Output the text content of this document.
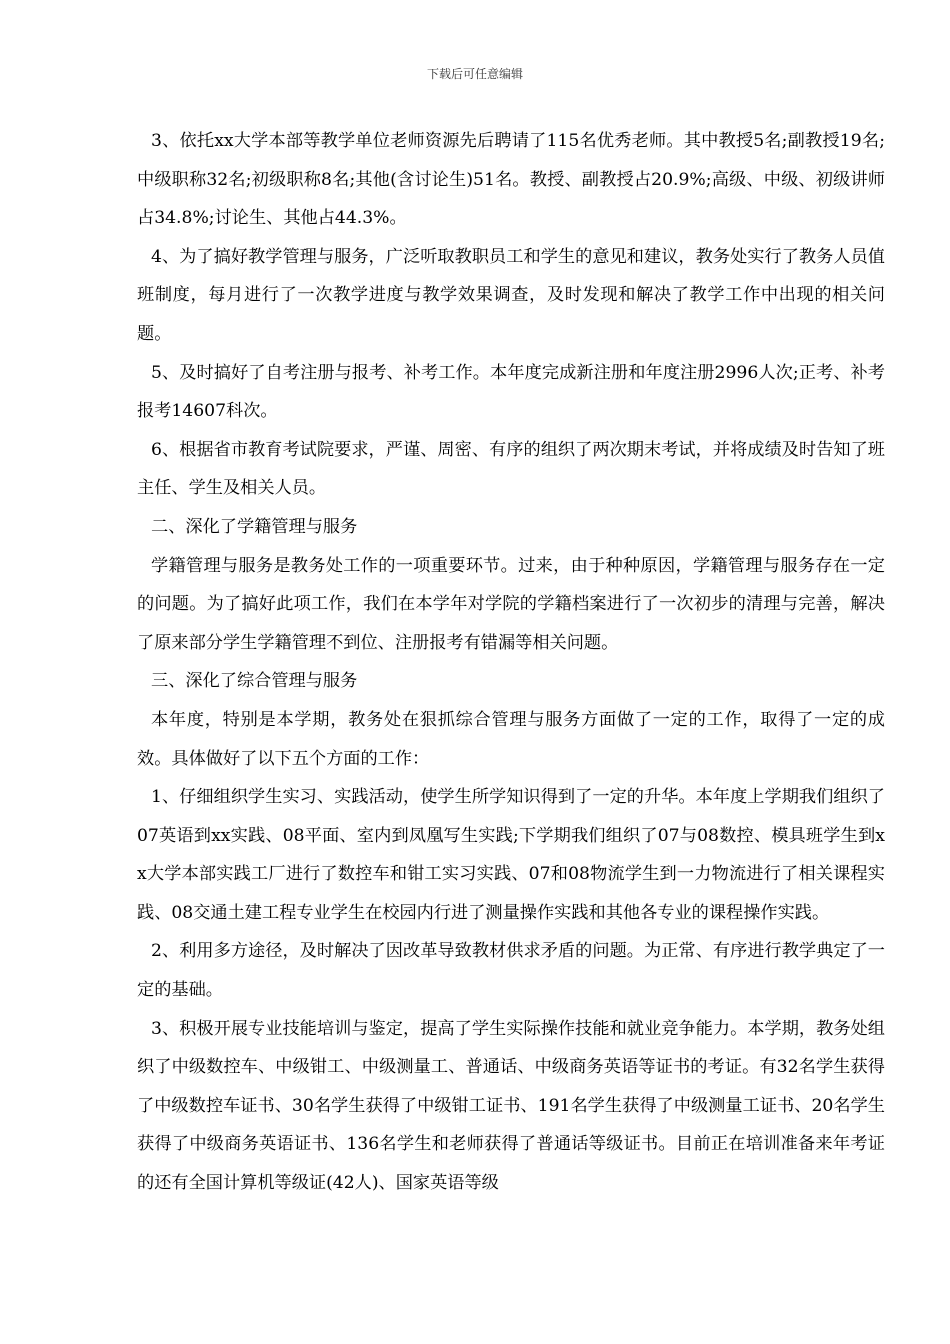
下载后可任意编辑

3、依托xx大学本部等教学单位老师资源先后聘请了115名优秀老师。其中教授5名;副教授19名;中级职称32名;初级职称8名;其他(含讨论生)51名。教授、副教授占20.9%;高级、中级、初级讲师占34.8%;讨论生、其他占44.3%。

4、为了搞好教学管理与服务，广泛听取教职员工和学生的意见和建议，教务处实行了教务人员值班制度，每月进行了一次教学进度与教学效果调查，及时发现和解决了教学工作中出现的相关问题。

5、及时搞好了自考注册与报考、补考工作。本年度完成新注册和年度注册2996人次;正考、补考报考14607科次。

6、根据省市教育考试院要求，严谨、周密、有序的组织了两次期末考试，并将成绩及时告知了班主任、学生及相关人员。

二、深化了学籍管理与服务

学籍管理与服务是教务处工作的一项重要环节。过来，由于种种原因，学籍管理与服务存在一定的问题。为了搞好此项工作，我们在本学年对学院的学籍档案进行了一次初步的清理与完善，解决了原来部分学生学籍管理不到位、注册报考有错漏等相关问题。

三、深化了综合管理与服务

本年度，特别是本学期，教务处在狠抓综合管理与服务方面做了一定的工作，取得了一定的成效。具体做好了以下五个方面的工作：

1、仔细组织学生实习、实践活动，使学生所学知识得到了一定的升华。本年度上学期我们组织了07英语到xx实践、08平面、室内到凤凰写生实践;下学期我们组织了07与08数控、模具班学生到xx大学本部实践工厂进行了数控车和钳工实习实践、07和08物流学生到一力物流进行了相关课程实践、08交通土建工程专业学生在校园内行进了测量操作实践和其他各专业的课程操作实践。

2、利用多方途径，及时解决了因改革导致教材供求矛盾的问题。为正常、有序进行教学典定了一定的基础。

3、积极开展专业技能培训与鉴定，提高了学生实际操作技能和就业竞争能力。本学期，教务处组织了中级数控车、中级钳工、中级测量工、普通话、中级商务英语等证书的考证。有32名学生获得了中级数控车证书、30名学生获得了中级钳工证书、191名学生获得了中级测量工证书、20名学生获得了中级商务英语证书、136名学生和老师获得了普通话等级证书。目前正在培训准备来年考证的还有全国计算机等级证(42人)、国家英语等级
